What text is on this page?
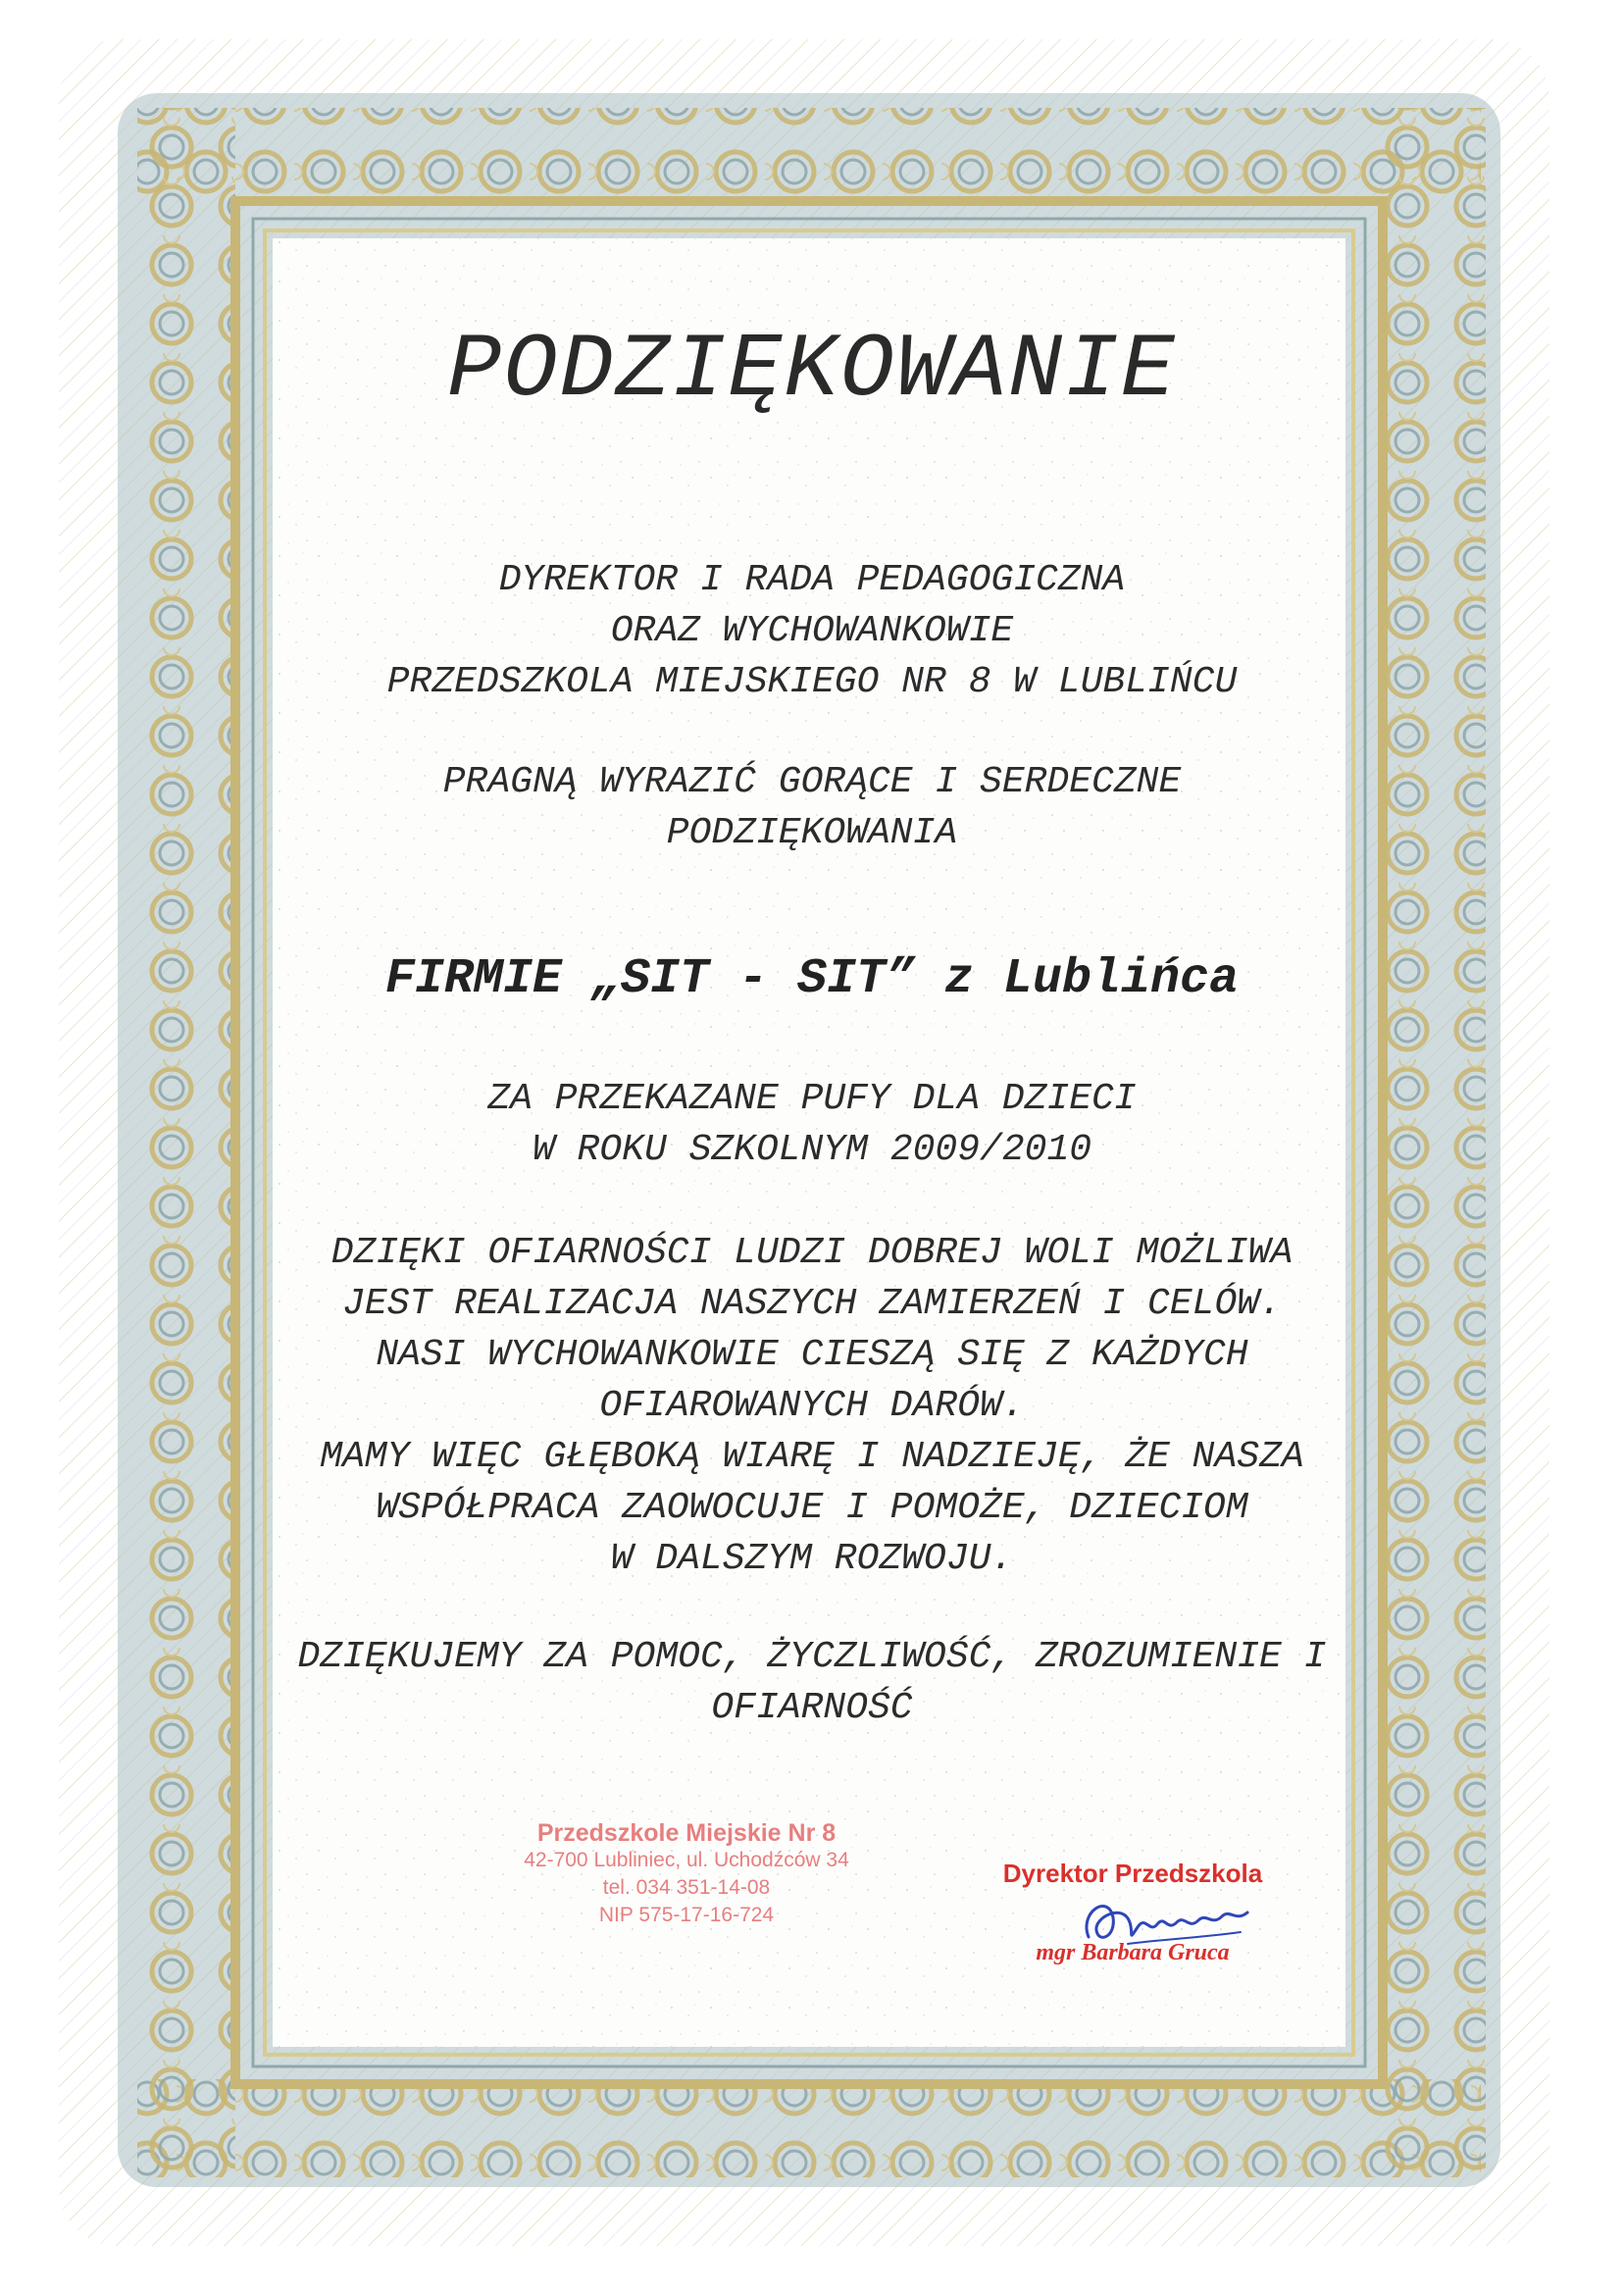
PODZIĘKOWANIE
DYREKTOR I RADA PEDAGOGICZNA
ORAZ WYCHOWANKOWIE
PRZEDSZKOLA MIEJSKIEGO NR 8 W LUBLIŃCU
PRAGNĄ WYRAZIĆ GORĄCE I SERDECZNE
PODZIĘKOWANIA
FIRMIE „SIT - SIT” z Lublińca
ZA PRZEKAZANE PUFY DLA DZIECI
W ROKU SZKOLNYM 2009/2010
DZIĘKI OFIARNOŚCI LUDZI DOBREJ WOLI MOŻLIWA
JEST REALIZACJA NASZYCH ZAMIERZEŃ I CELÓW.
NASI WYCHOWANKOWIE CIESZĄ SIĘ Z KAŻDYCH
OFIAROWANYCH DARÓW.
MAMY WIĘC GŁĘBOKĄ WIARĘ I NADZIEJĘ, ŻE NASZA
WSPÓŁPRACA ZAOWOCUJE I POMOŻE, DZIECIOM
W DALSZYM ROZWOJU.
DZIĘKUJEMY ZA POMOC, ŻYCZLIWOŚĆ, ZROZUMIENIE I
OFIARNOŚĆ
Przedszkole Miejskie Nr 8
42-700 Lubliniec, ul. Uchodźców 34
tel. 034 351-14-08
NIP 575-17-16-724
Dyrektor Przedszkola
mgr Barbara Gruca
